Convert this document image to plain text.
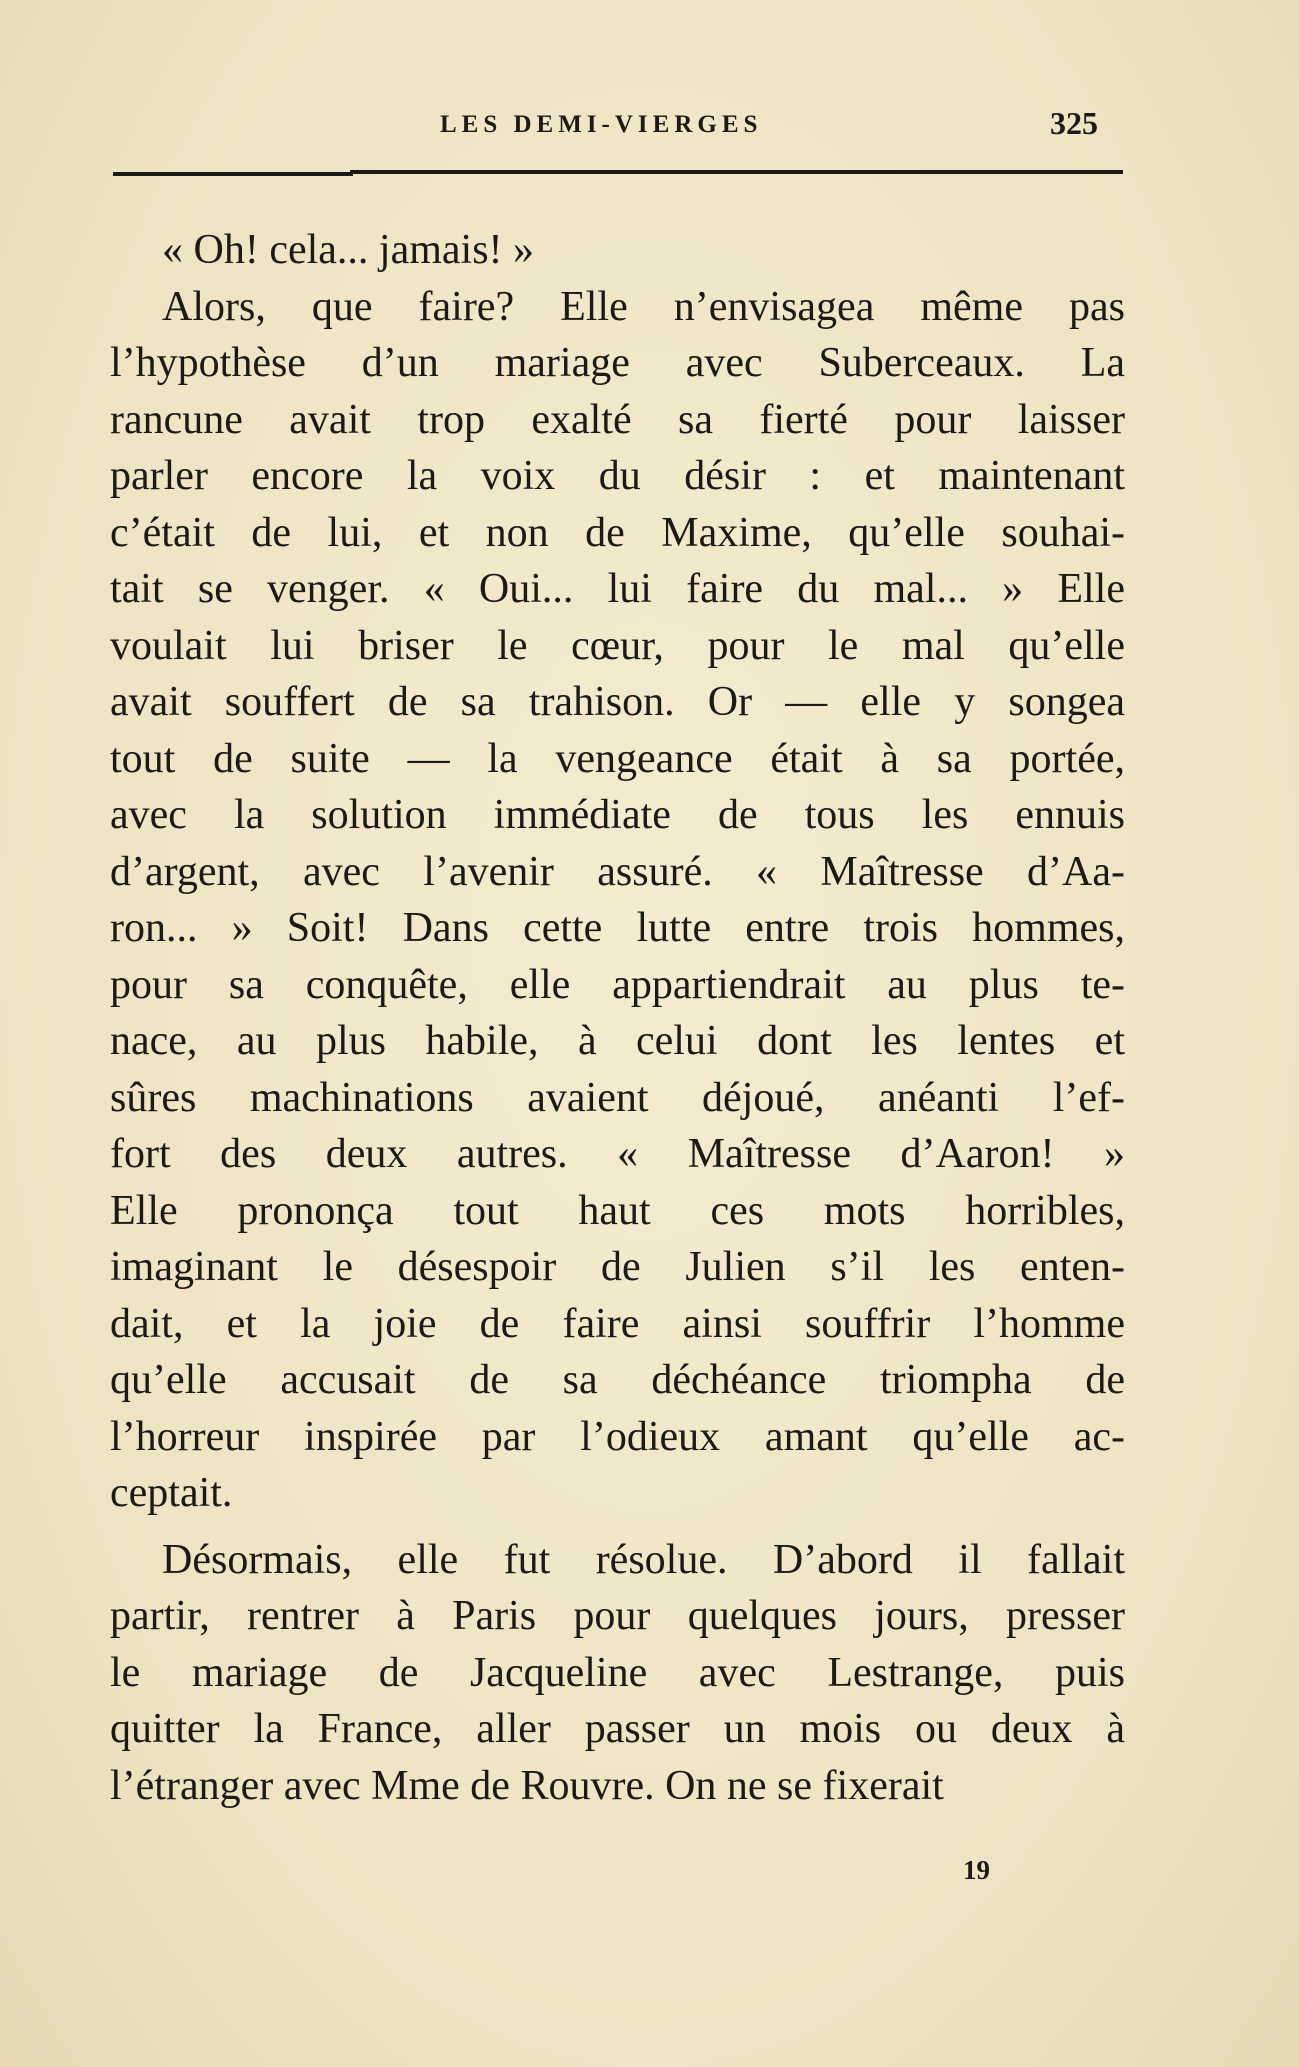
LES DEMI-VIERGES	325
« Oh! cela... jamais! »
Alors, que faire? Elle n’envisagea même pas
l’hypothèse d’un mariage avec Suberceaux. La
rancune avait trop exalté sa fierté pour laisser
parler encore la voix du désir : et maintenant
c’était de lui, et non de Maxime, qu’elle souhai-
tait se venger. « Oui... lui faire du mal... » Elle
voulait lui briser le cœur, pour le mal qu’elle
avait souffert de sa trahison. Or — elle y songea
tout de suite — la vengeance était à sa portée,
avec la solution immédiate de tous les ennuis
d’argent, avec l’avenir assuré. « Maîtresse d’Aa-
ron... » Soit! Dans cette lutte entre trois hommes,
pour sa conquête, elle appartiendrait au plus te-
nace, au plus habile, à celui dont les lentes et
sûres machinations avaient déjoué, anéanti l’ef-
fort des deux autres. « Maîtresse d’Aaron! »
Elle prononça tout haut ces mots horribles,
imaginant le désespoir de Julien s’il les enten-
dait, et la joie de faire ainsi souffrir l’homme
qu’elle accusait de sa déchéance triompha de
l’horreur inspirée par l’odieux amant qu’elle ac-
ceptait.
Désormais, elle fut résolue. D’abord il fallait
partir, rentrer à Paris pour quelques jours, presser
le mariage de Jacqueline avec Lestrange, puis
quitter la France, aller passer un mois ou deux à
l’étranger avec Mme de Rouvre. On ne se fixerait
19
